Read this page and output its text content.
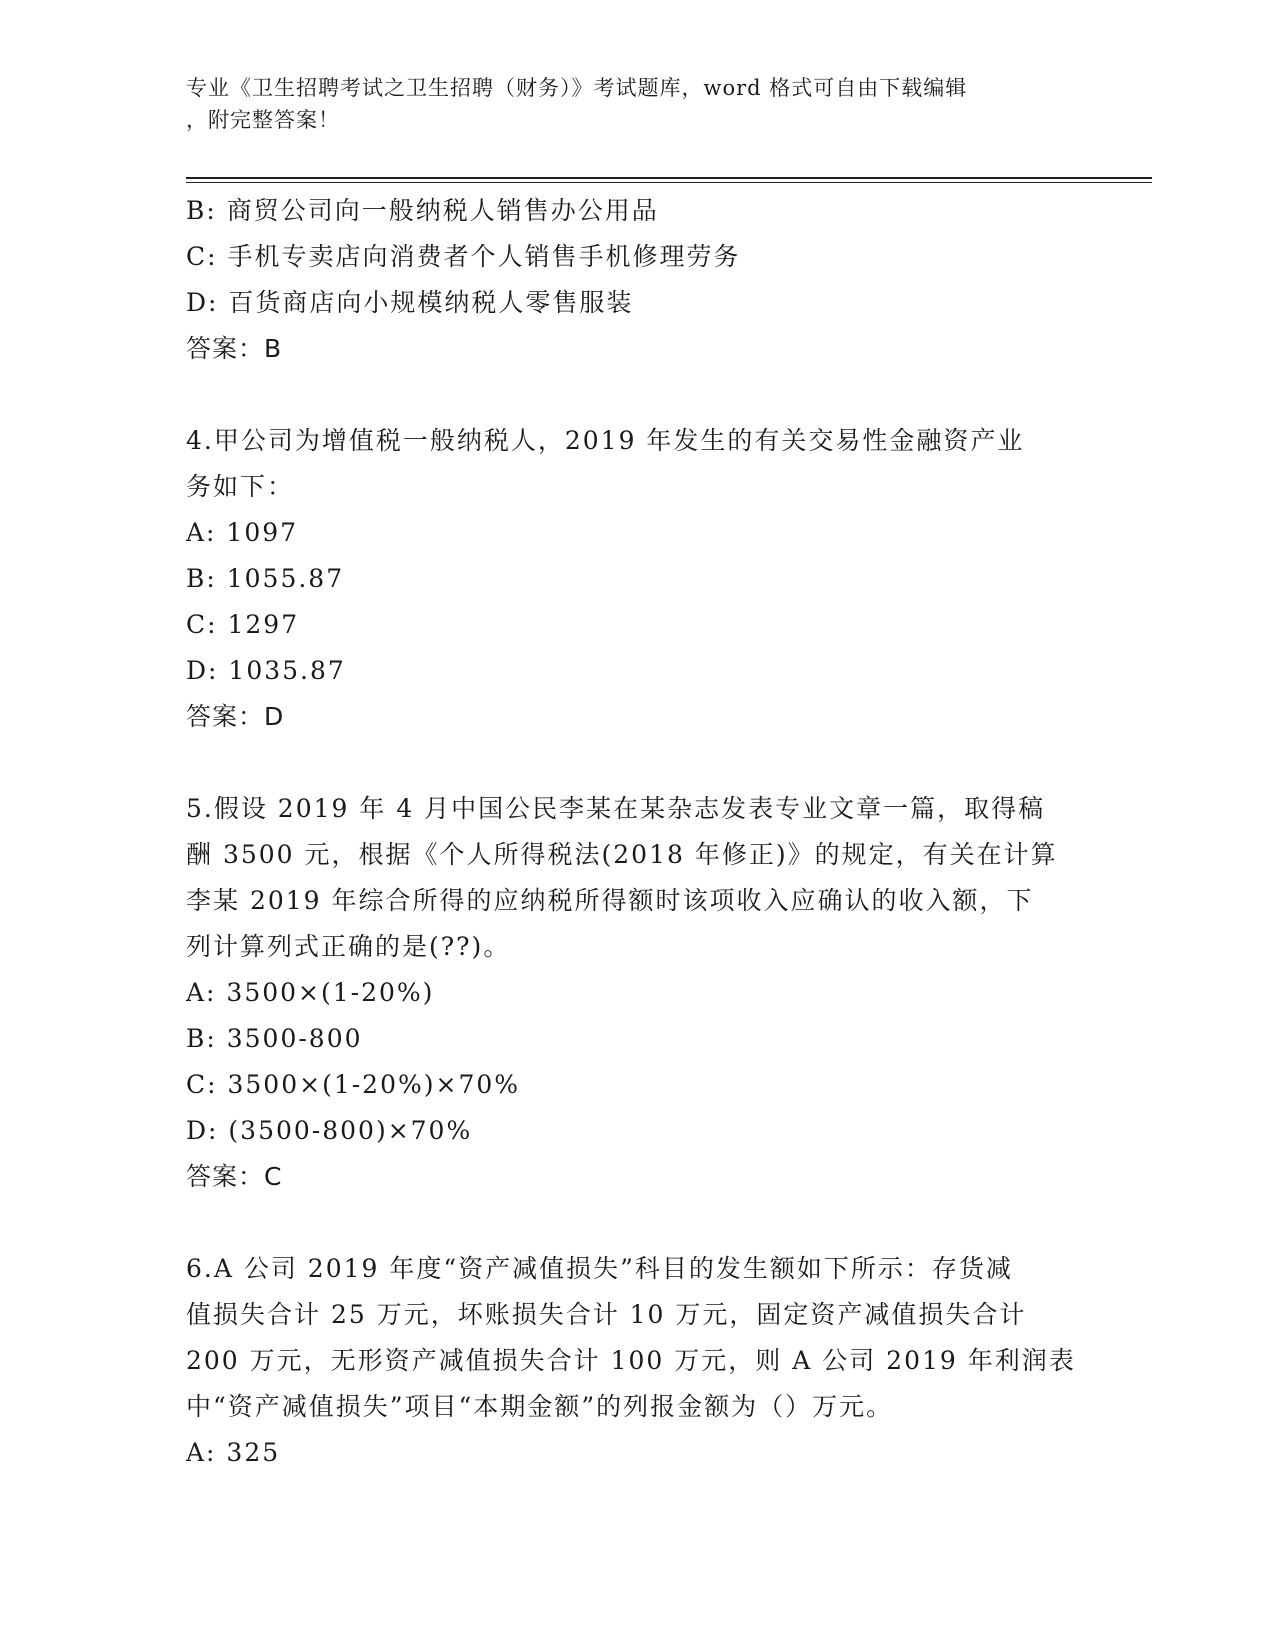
专业《卫生招聘考试之卫生招聘（财务）》考试题库，word 格式可自由下载编辑
，附完整答案！
B: 商贸公司向一般纳税人销售办公用品
C: 手机专卖店向消费者个人销售手机修理劳务
D: 百货商店向小规模纳税人零售服装
答案：B
4.甲公司为增值税一般纳税人，2019 年发生的有关交易性金融资产业
务如下：
A: 1097
B: 1055.87
C: 1297
D: 1035.87
答案：D
5.假设 2019 年 4 月中国公民李某在某杂志发表专业文章一篇，取得稿
酬 3500 元，根据《个人所得税法(2018 年修正)》的规定，有关在计算
李某 2019 年综合所得的应纳税所得额时该项收入应确认的收入额，下
列计算列式正确的是(??)。
A: 3500×(1-20%)
B: 3500-800
C: 3500×(1-20%)×70%
D: (3500-800)×70%
答案：C
6.A 公司 2019 年度“资产减值损失”科目的发生额如下所示：存货减
值损失合计 25 万元，坏账损失合计 10 万元，固定资产减值损失合计
200 万元，无形资产减值损失合计 100 万元，则 A 公司 2019 年利润表
中“资产减值损失”项目“本期金额”的列报金额为（）万元。
A: 325
